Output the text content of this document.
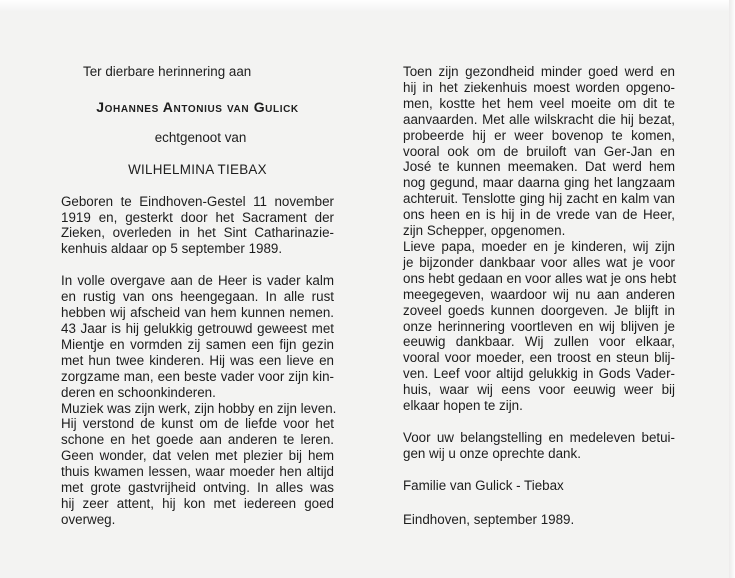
Ter dierbare herinnering aan
Johannes Antonius van Gulick
echtgenoot van
WILHELMINA TIEBAX
Geboren te Eindhoven-Gestel 11 november
1919 en, gesterkt door het Sacrament der
Zieken, overleden in het Sint Catharinazie-
kenhuis aldaar op 5 september 1989.
In volle overgave aan de Heer is vader kalm
en rustig van ons heengegaan. In alle rust
hebben wij afscheid van hem kunnen nemen.
43 Jaar is hij gelukkig getrouwd geweest met
Mientje en vormden zij samen een fijn gezin
met hun twee kinderen. Hij was een lieve en
zorgzame man, een beste vader voor zijn kin-
deren en schoonkinderen.
Muziek was zijn werk, zijn hobby en zijn leven.
Hij verstond de kunst om de liefde voor het
schone en het goede aan anderen te leren.
Geen wonder, dat velen met plezier bij hem
thuis kwamen lessen, waar moeder hen altijd
met grote gastvrijheid ontving. In alles was
hij zeer attent, hij kon met iedereen goed
overweg.
Toen zijn gezondheid minder goed werd en
hij in het ziekenhuis moest worden opgeno-
men, kostte het hem veel moeite om dit te
aanvaarden. Met alle wilskracht die hij bezat,
probeerde hij er weer bovenop te komen,
vooral ook om de bruiloft van Ger-Jan en
José te kunnen meemaken. Dat werd hem
nog gegund, maar daarna ging het langzaam
achteruit. Tenslotte ging hij zacht en kalm van
ons heen en is hij in de vrede van de Heer,
zijn Schepper, opgenomen.
Lieve papa, moeder en je kinderen, wij zijn
je bijzonder dankbaar voor alles wat je voor
ons hebt gedaan en voor alles wat je ons hebt
meegegeven, waardoor wij nu aan anderen
zoveel goeds kunnen doorgeven. Je blijft in
onze herinnering voortleven en wij blijven je
eeuwig dankbaar. Wij zullen voor elkaar,
vooral voor moeder, een troost en steun blij-
ven. Leef voor altijd gelukkig in Gods Vader-
huis, waar wij eens voor eeuwig weer bij
elkaar hopen te zijn.
Voor uw belangstelling en medeleven betui-
gen wij u onze oprechte dank.
Familie van Gulick - Tiebax
Eindhoven, september 1989.
